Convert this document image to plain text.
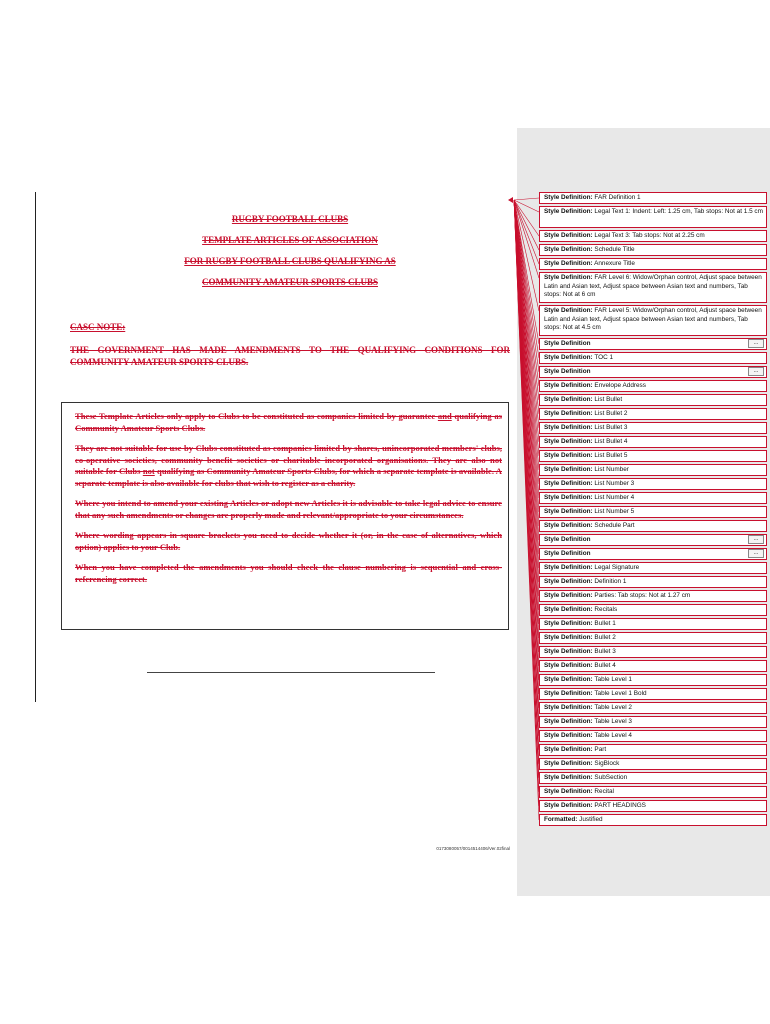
RUGBY FOOTBALL CLUBS
TEMPLATE ARTICLES OF ASSOCIATION
FOR RUGBY FOOTBALL CLUBS QUALIFYING AS
COMMUNITY AMATEUR SPORTS CLUBS
CASC NOTE:
THE GOVERNMENT HAS MADE AMENDMENTS TO THE QUALIFYING CONDITIONS FOR COMMUNITY AMATEUR SPORTS CLUBS.

These Template Articles only apply to Clubs to be constituted as companies limited by guarantee and qualifying as Community Amateur Sports Clubs.

They are not suitable for use by Clubs constituted as companies limited by shares, unincorporated members' clubs, co-operative societies, community benefit societies or charitable incorporated organisations. They are also not suitable for Clubs not qualifying as Community Amateur Sports Clubs, for which a separate template is available. A separate template is also available for clubs that wish to register as a charity.

Where you intend to amend your existing Articles or adopt new Articles it is advisable to take legal advice to ensure that any such amendments or changes are properly made and relevant/appropriate to your circumstances.

Where wording appears in square brackets you need to decide whether it (or, in the case of alternatives, which option) applies to your Club.

When you have completed the amendments you should check the clause numbering is sequential and cross-referencing correct.

0173080057/0014514406/Ver.02final
Style Definition: FAR Definition 1
Style Definition: Legal Text 1: Indent: Left: 1.25 cm, Tab stops: Not at 1.5 cm
Style Definition: Legal Text 3: Tab stops: Not at 2.25 cm
Style Definition: Schedule Title
Style Definition: Annexure Title
Style Definition: FAR Level 6: Widow/Orphan control, Adjust space between Latin and Asian text, Adjust space between Asian text and numbers, Tab stops: Not at 6 cm
Style Definition: FAR Level 5: Widow/Orphan control, Adjust space between Latin and Asian text, Adjust space between Asian text and numbers, Tab stops: Not at 4.5 cm
Style Definition	...
Style Definition: TOC 1
Style Definition	...
Style Definition: Envelope Address
Style Definition: List Bullet
Style Definition: List Bullet 2
Style Definition: List Bullet 3
Style Definition: List Bullet 4
Style Definition: List Bullet 5
Style Definition: List Number
Style Definition: List Number 3
Style Definition: List Number 4
Style Definition: List Number 5
Style Definition: Schedule Part
Style Definition	...
Style Definition	...
Style Definition: Legal Signature
Style Definition: Definition 1
Style Definition: Parties: Tab stops: Not at 1.27 cm
Style Definition: Recitals
Style Definition: Bullet 1
Style Definition: Bullet 2
Style Definition: Bullet 3
Style Definition: Bullet 4
Style Definition: Table Level 1
Style Definition: Table Level 1 Bold
Style Definition: Table Level 2
Style Definition: Table Level 3
Style Definition: Table Level 4
Style Definition: Part
Style Definition: SigBlock
Style Definition: SubSection
Style Definition: Recital
Style Definition: PART HEADINGS
Formatted: Justified
